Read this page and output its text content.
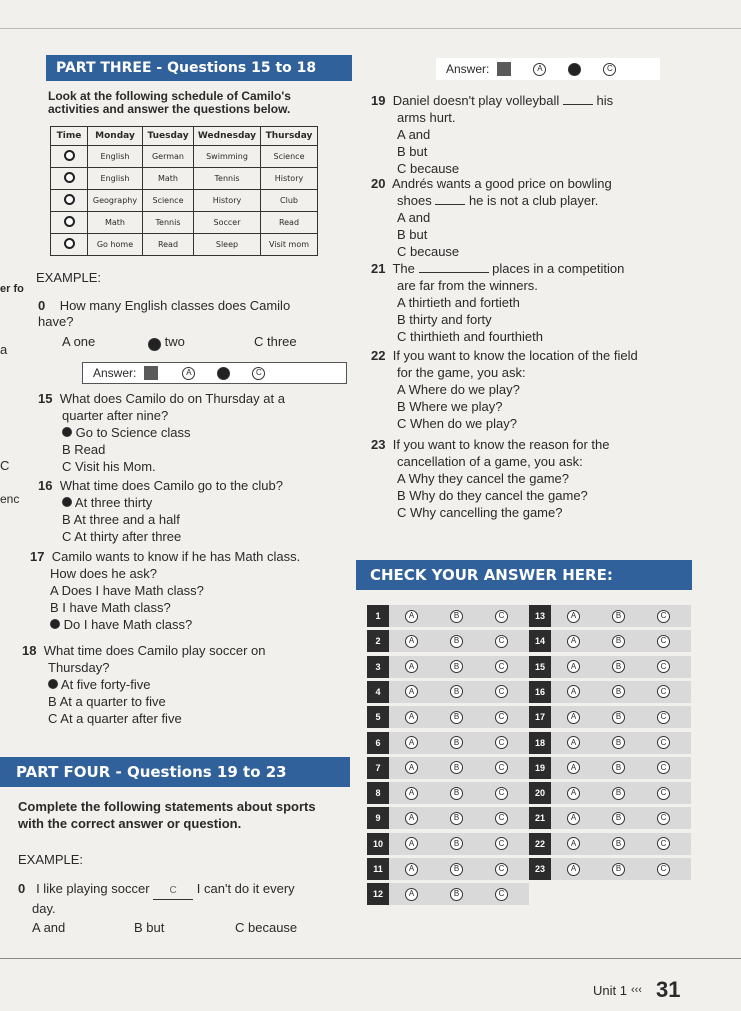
PART THREE - Questions 15 to 18
Look at the following schedule of Camilo's
activities and answer the questions below.
Time	Monday	Tuesday	Wednesday	Thursday
	English	German	Swimming	Science
	English	Math	Tennis	History
	Geography	Science	History	Club
	Math	Tennis	Soccer	Read
	Go home	Read	Sleep	Visit mom
er fo
a
C
enc
EXAMPLE:
0 How many English classes does Camilo
have?
A one	B two	C three
Answer:	A	B	C
15 What does Camilo do on Thursday at a
quarter after nine?
Go to Science class
B Read
C Visit his Mom.
16 What time does Camilo go to the club?
At three thirty
B At three and a half
C At thirty after three
17 Camilo wants to know if he has Math class.
How does he ask?
A Does I have Math class?
B I have Math class?
Do I have Math class?
18 What time does Camilo play soccer on
Thursday?
At five forty-five
B At a quarter to five
C At a quarter after five
PART FOUR - Questions 19 to 23
Complete the following statements about sports
with the correct answer or question.
EXAMPLE:
0 I like playing soccer C I can't do it every
day.
A and	B but	C because
Answer:	A	C
19 Daniel doesn't play volleyball	his
arms hurt.
A and
B but
C because
20 Andrés wants a good price on bowling
shoes	he is not a club player.
A and
B but
C because
21 The	places in a competition
are far from the winners.
A thirtieth and fortieth
B thirty and forty
C thirthieth and fourthieth
22 If you want to know the location of the field
for the game, you ask:
A Where do we play?
B Where we play?
C When do we play?
23 If you want to know the reason for the
cancellation of a game, you ask:
A Why they cancel the game?
B Why do they cancel the game?
C Why cancelling the game?
CHECK YOUR ANSWER HERE:
1	A	B	C
2	A	B	C
3	A	B	C
4	A	B	C
5	A	B	C
6	A	B	C
7	A	B	C
8	A	B	C
9	A	B	C
10	A	B	C
11	A	B	C
12	A	B	C
13	A	B	C
14	A	B	C
15	A	B	C
16	A	B	C
17	A	B	C
18	A	B	C
19	A	B	C
20	A	B	C
21	A	B	C
22	A	B	C
23	A	B	C
Unit 1 ‹‹‹ 31
